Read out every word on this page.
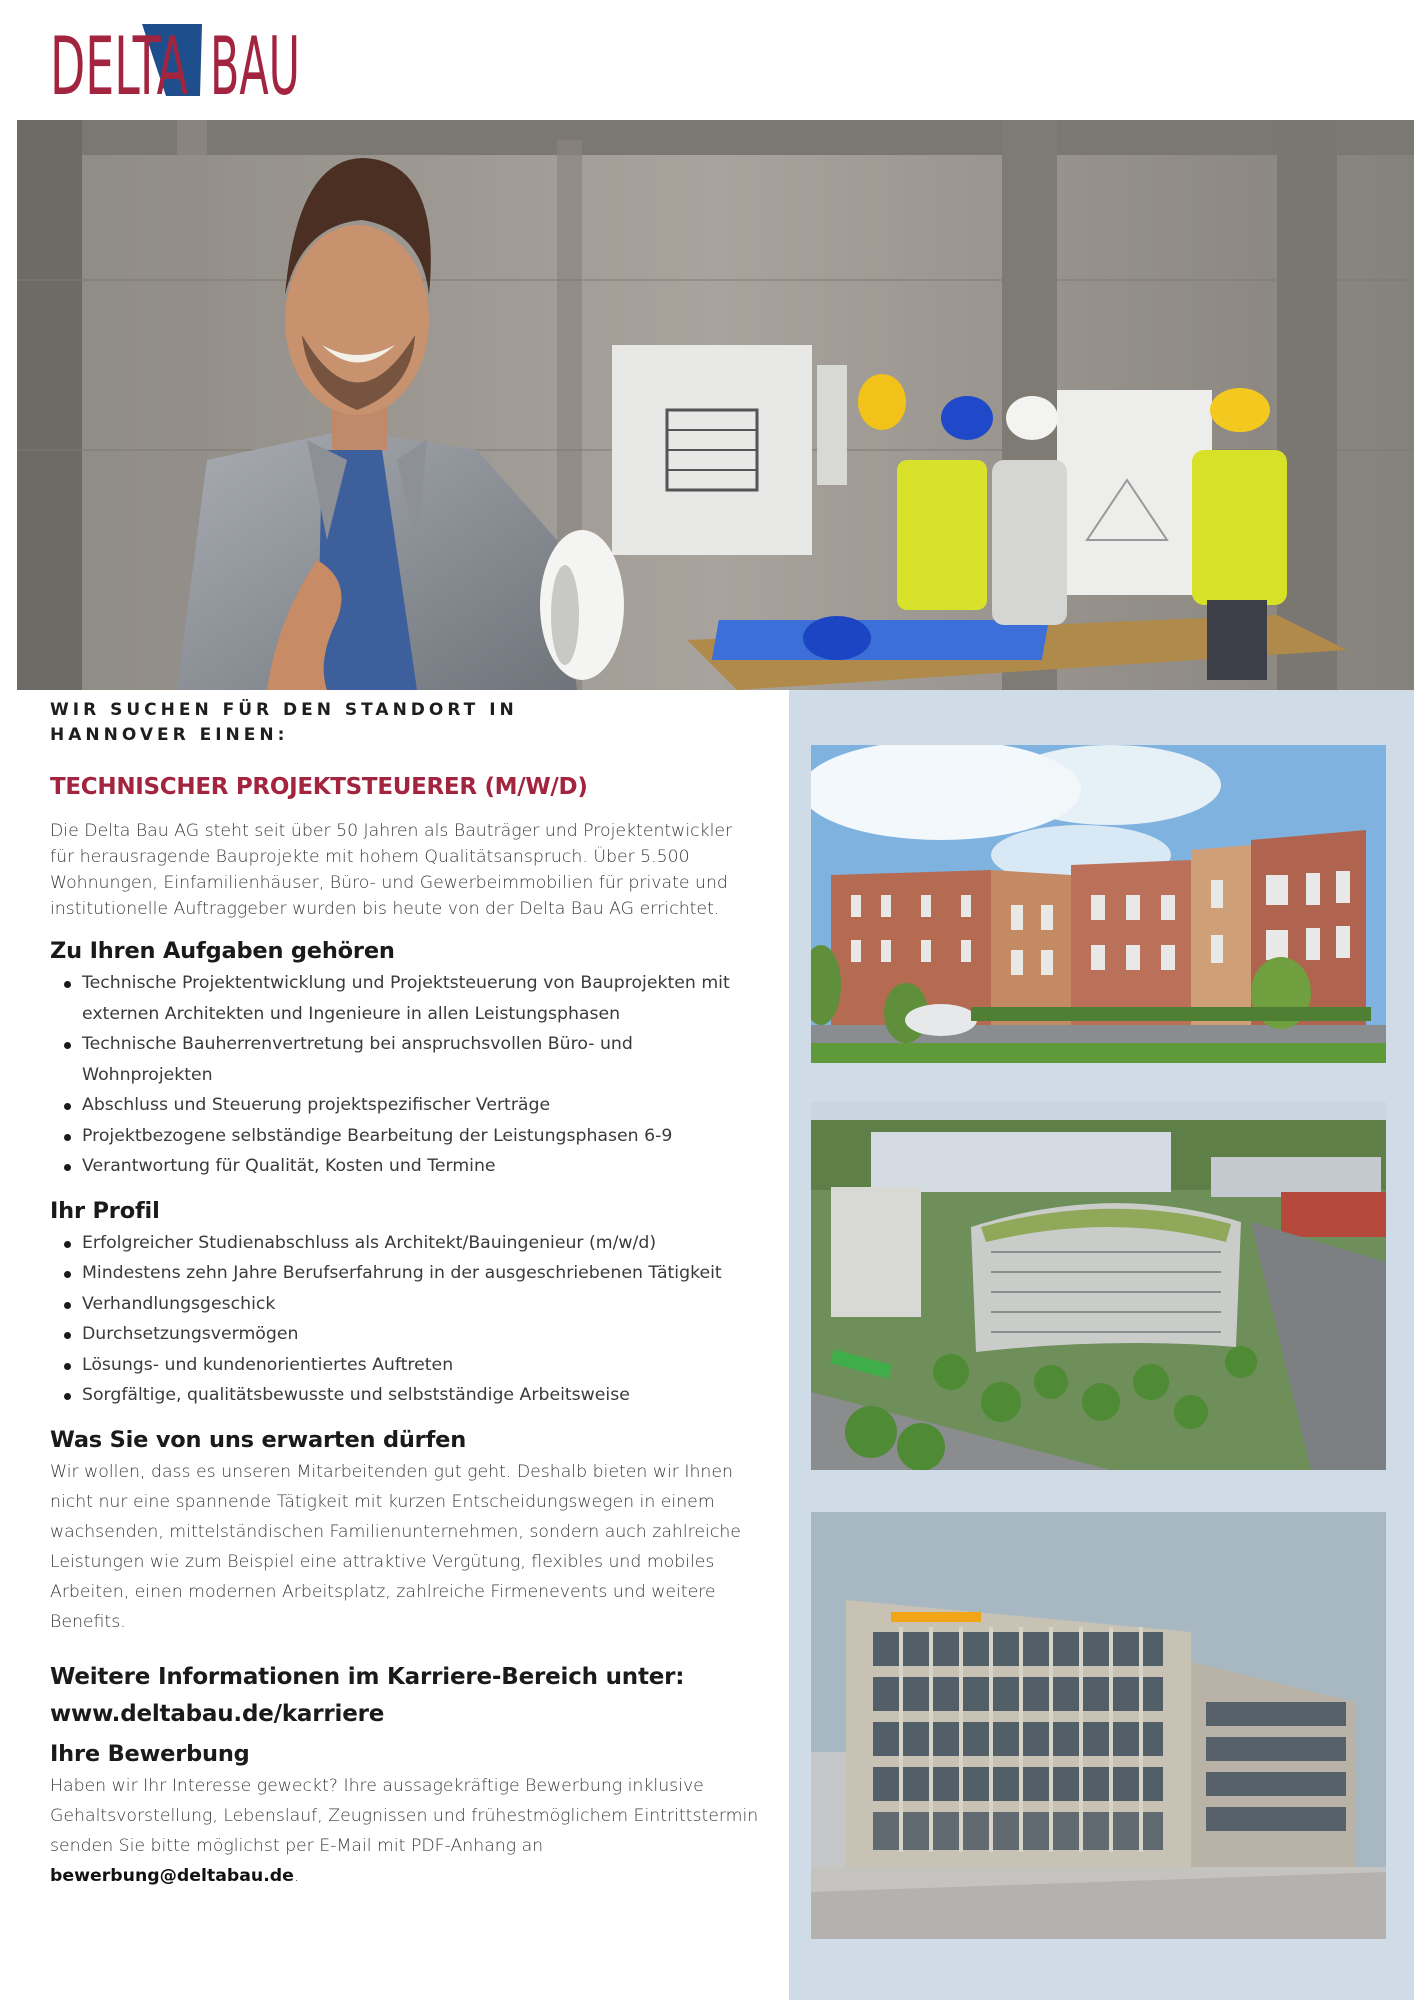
DELTA BAU

WIR SUCHEN FÜR DEN STANDORT IN HANNOVER EINEN:

TECHNISCHER PROJEKTSTEUERER (M/W/D)

Die Delta Bau AG steht seit über 50 Jahren als Bauträger und Projektentwickler für herausragende Bauprojekte mit hohem Qualitätsanspruch. Über 5.500 Wohnungen, Einfamilienhäuser, Büro- und Gewerbeimmobilien für private und institutionelle Auftraggeber wurden bis heute von der Delta Bau AG errichtet.

Zu Ihren Aufgaben gehören
Technische Projektentwicklung und Projektsteuerung von Bauprojekten mit externen Architekten und Ingenieure in allen Leistungsphasen
Technische Bauherrenvertretung bei anspruchsvollen Büro- und Wohnprojekten
Abschluss und Steuerung projektspezifischer Verträge
Projektbezogene selbständige Bearbeitung der Leistungsphasen 6-9
Verantwortung für Qualität, Kosten und Termine
Ihr Profil
Erfolgreicher Studienabschluss als Architekt/Bauingenieur (m/w/d)
Mindestens zehn Jahre Berufserfahrung in der ausgeschriebenen Tätigkeit
Verhandlungsgeschick
Durchsetzungsvermögen
Lösungs- und kundenorientiertes Auftreten
Sorgfältige, qualitätsbewusste und selbstständige Arbeitsweise
Was Sie von uns erwarten dürfen

Wir wollen, dass es unseren Mitarbeitenden gut geht. Deshalb bieten wir Ihnen nicht nur eine spannende Tätigkeit mit kurzen Entscheidungswegen in einem wachsenden, mittelständischen Familienunternehmen, sondern auch zahlreiche Leistungen wie zum Beispiel eine attraktive Vergütung, flexibles und mobiles Arbeiten, einen modernen Arbeitsplatz, zahlreiche Firmenevents und weitere Benefits.

Weitere Informationen im Karriere-Bereich unter:
www.deltabau.de/karriere
Ihre Bewerbung

Haben wir Ihr Interesse geweckt? Ihre aussagekräftige Bewerbung inklusive Gehaltsvorstellung, Lebenslauf, Zeugnissen und frühestmöglichem Eintrittstermin senden Sie bitte möglichst per E-Mail mit PDF-Anhang an
bewerbung@deltabau.de.
